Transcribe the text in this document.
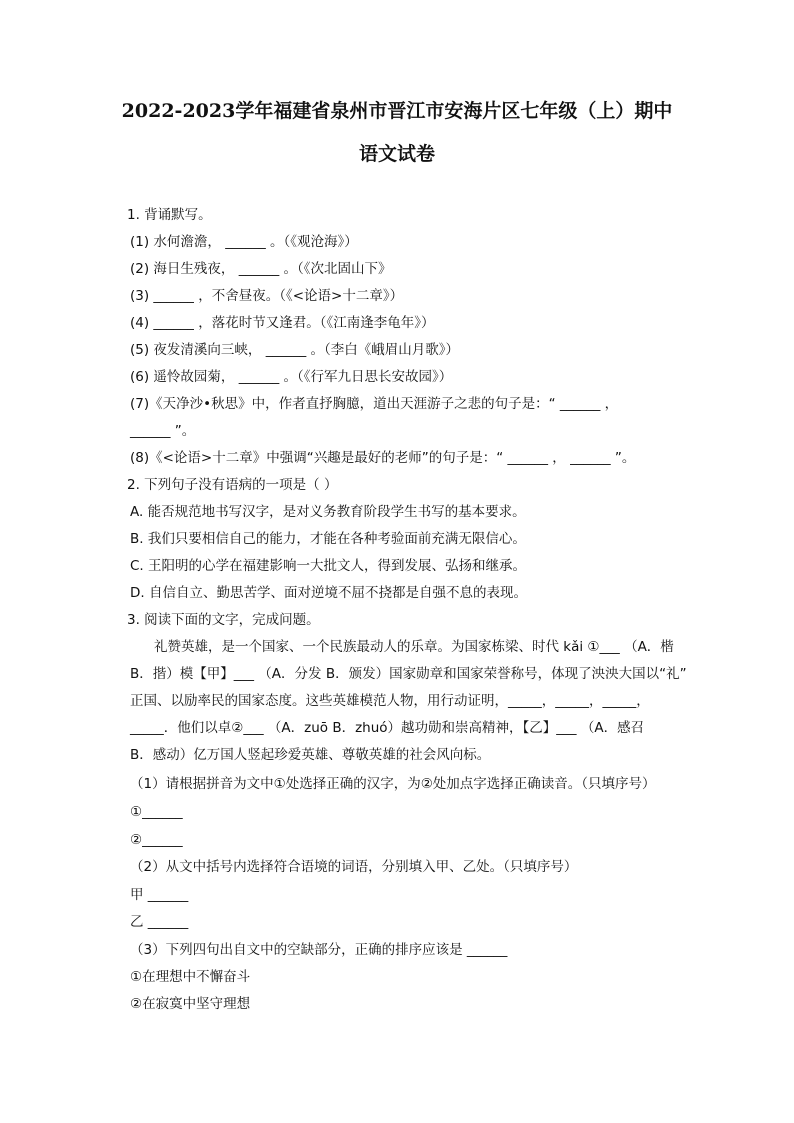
2022-2023学年福建省泉州市晋江市安海片区七年级（上）期中
语文试卷
1. 背诵默写。
(1) 水何澹澹， ______ 。（《观沧海》）
(2) 海日生残夜， ______ 。（《次北固山下》
(3) ______ ，不舍昼夜。（《<论语>十二章》）
(4) ______ ，落花时节又逢君。（《江南逢李龟年》）
(5) 夜发清溪向三峡， ______ 。（李白《峨眉山月歌》）
(6) 遥怜故园菊， ______ 。（《行军九日思长安故园》）
(7)《天净沙•秋思》中，作者直抒胸臆，道出天涯游子之悲的句子是：“ ______ ，
______ ”。
(8)《<论语>十二章》中强调“兴趣是最好的老师”的句子是：“ ______ ， ______ ”。
2. 下列句子没有语病的一项是（ ）
A. 能否规范地书写汉字，是对义务教育阶段学生书写的基本要求。
B. 我们只要相信自己的能力，才能在各种考验面前充满无限信心。
C. 王阳明的心学在福建影响一大批文人，得到发展、弘扬和继承。
D. 自信自立、勤思苦学、面对逆境不屈不挠都是自强不息的表现。
3. 阅读下面的文字，完成问题。
礼赞英雄，是一个国家、一个民族最动人的乐章。为国家栋梁、时代 kǎi ①___ （A．楷
B．揩）模【甲】___ （A．分发 B．颁发）国家勋章和国家荣誉称号，体现了泱泱大国以“礼”
正国、以励率民的国家态度。这些英雄模范人物，用行动证明，_____，_____，_____，
_____．他们以卓②___ （A．zuō B．zhuó）越功勋和崇高精神，【乙】___ （A．感召
B．感动）亿万国人竖起珍爱英雄、尊敬英雄的社会风向标。
（1）请根据拼音为文中①处选择正确的汉字，为②处加点字选择正确读音。（只填序号）
①______
②______
（2）从文中括号内选择符合语境的词语，分别填入甲、乙处。（只填序号）
甲 ______
乙 ______
（3）下列四句出自文中的空缺部分，正确的排序应该是 ______
①在理想中不懈奋斗
②在寂寞中坚守理想
